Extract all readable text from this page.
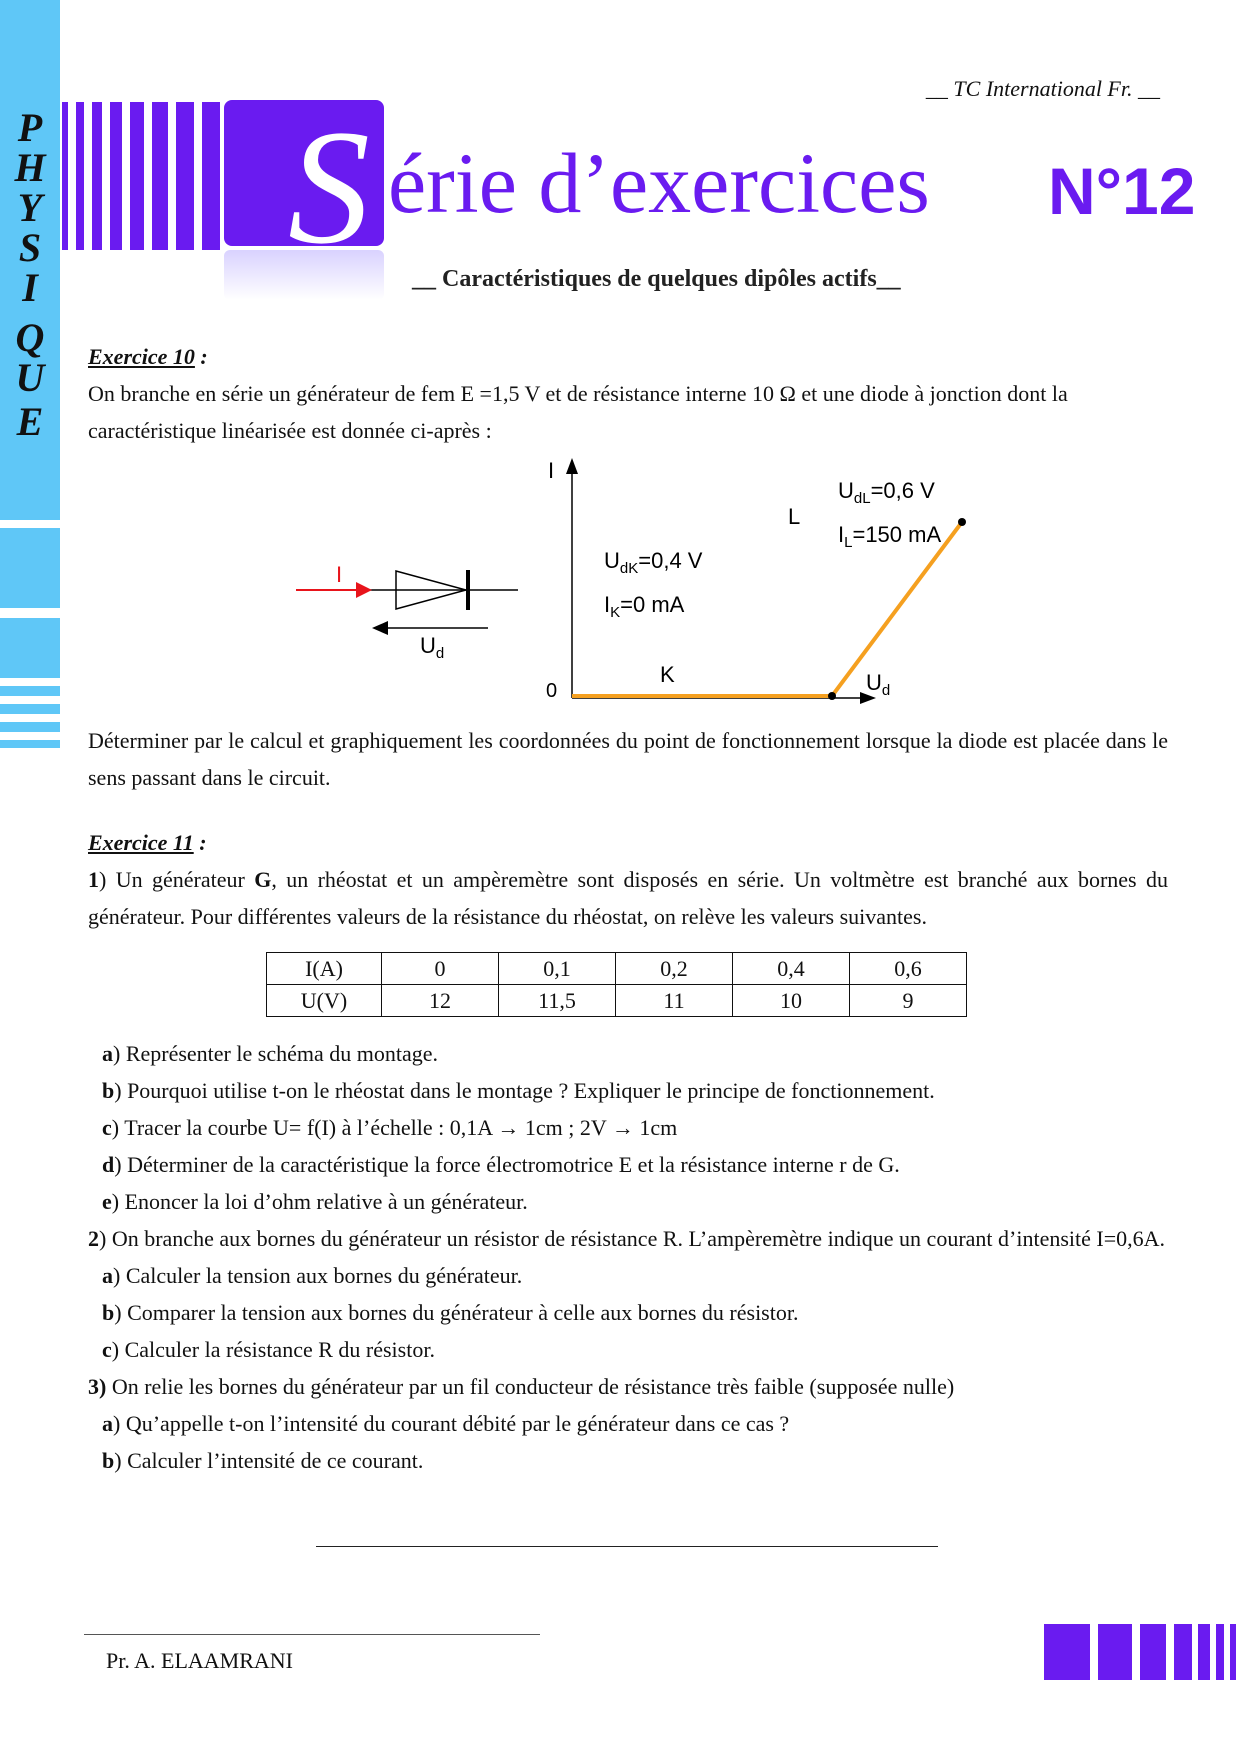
P
H
Y
S
I
Q
U
E
S
__ TC International Fr. __
érie d’exercices N°12
__ Caractéristiques de quelques dipôles actifs__
Exercice 10 :
On branche en série un générateur de fem E =1,5 V et de résistance interne 10 Ω et une diode à jonction dont la caractéristique linéarisée est donnée ci-après :
I
$U_d$
I
$U_d$
0
K
L
$U_{dK}=0,4$ V
$I_K=0$ mA
$U_{dL}=0,6$ V
$I_L=150$ mA
Déterminer par le calcul et graphiquement les coordonnées du point de fonctionnement lorsque la diode est placée dans le sens passant dans le circuit.
Exercice 11 :
1) Un générateur G, un rhéostat et un ampèremètre sont disposés en série. Un voltmètre est branché aux bornes du générateur. Pour différentes valeurs de la résistance du rhéostat, on relève les valeurs suivantes.
I(A)	0	0,1	0,2	0,4	0,6
U(V)	12	11,5	11	10	9
a) Représenter le schéma du montage.
b) Pourquoi utilise t-on le rhéostat dans le montage ? Expliquer le principe de fonctionnement.
c) Tracer la courbe U= f(I) à l’échelle : 0,1A → 1cm ; 2V → 1cm
d) Déterminer de la caractéristique la force électromotrice E et la résistance interne r de G.
e) Enoncer la loi d’ohm relative à un générateur.
2) On branche aux bornes du générateur un résistor de résistance R. L’ampèremètre indique un courant d’intensité I=0,6A.
a) Calculer la tension aux bornes du générateur.
b) Comparer la tension aux bornes du générateur à celle aux bornes du résistor.
c) Calculer la résistance R du résistor.
3) On relie les bornes du générateur par un fil conducteur de résistance très faible (supposée nulle)
a) Qu’appelle t-on l’intensité du courant débité par le générateur dans ce cas ?
b) Calculer l’intensité de ce courant.
Pr. A. ELAAMRANI
